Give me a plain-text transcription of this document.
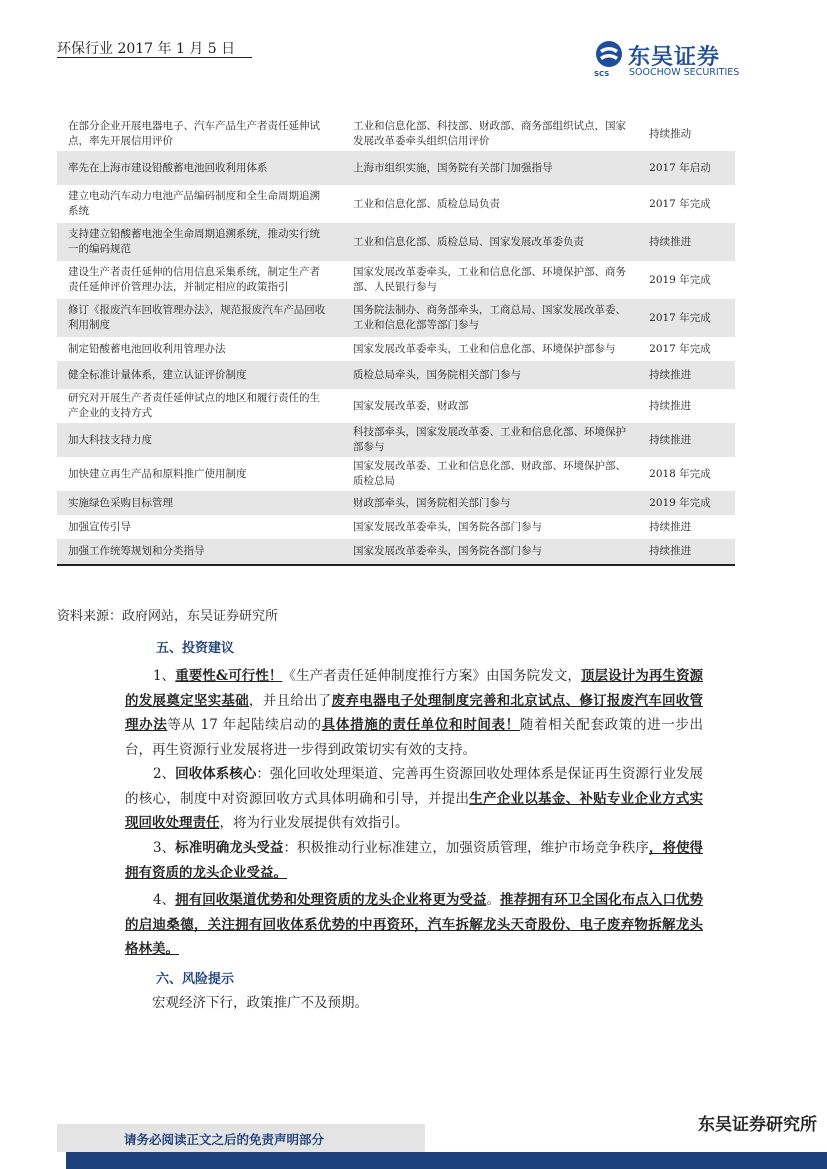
环保行业 2017 年 1 月 5 日	东吴证券
SOOCHOW SECURITIES
SCS
在部分企业开展电器电子、汽车产品生产者责任延伸试点，率先开展信用评价	工业和信息化部、科技部、财政部、商务部组织试点，国家发展改革委牵头组织信用评价	持续推动
率先在上海市建设铅酸蓄电池回收利用体系	上海市组织实施，国务院有关部门加强指导	2017 年启动
建立电动汽车动力电池产品编码制度和全生命周期追溯系统	工业和信息化部、质检总局负责	2017 年完成
支持建立铅酸蓄电池全生命周期追溯系统，推动实行统一的编码规范	工业和信息化部、质检总局、国家发展改革委负责	持续推进
建设生产者责任延伸的信用信息采集系统，制定生产者责任延伸评价管理办法，并制定相应的政策指引	国家发展改革委牵头，工业和信息化部、环境保护部、商务部、人民银行参与	2019 年完成
修订《报废汽车回收管理办法》，规范报废汽车产品回收利用制度	国务院法制办、商务部牵头，工商总局、国家发展改革委、工业和信息化部等部门参与	2017 年完成
制定铅酸蓄电池回收利用管理办法	国家发展改革委牵头，工业和信息化部、环境保护部参与	2017 年完成
健全标准计量体系，建立认证评价制度	质检总局牵头，国务院相关部门参与	持续推进
研究对开展生产者责任延伸试点的地区和履行责任的生产企业的支持方式	国家发展改革委，财政部	持续推进
加大科技支持力度	科技部牵头，国家发展改革委、工业和信息化部、环境保护部参与	持续推进
加快建立再生产品和原料推广使用制度	国家发展改革委、工业和信息化部、财政部、环境保护部、质检总局	2018 年完成
实施绿色采购目标管理	财政部牵头，国务院相关部门参与	2019 年完成
加强宣传引导	国家发展改革委牵头，国务院各部门参与	持续推进
加强工作统筹规划和分类指导	国家发展改革委牵头，国务院各部门参与	持续推进
资料来源：政府网站，东吴证券研究所
五、投资建议
1、重要性&可行性！《生产者责任延伸制度推行方案》由国务院发文，顶层设计为再生资源的发展奠定坚实基础，并且给出了废弃电器电子处理制度完善和北京试点、修订报废汽车回收管理办法等从 17 年起陆续启动的具体措施的责任单位和时间表！随着相关配套政策的进一步出台，再生资源行业发展将进一步得到政策切实有效的支持。
2、回收体系核心：强化回收处理渠道、完善再生资源回收处理体系是保证再生资源行业发展的核心，制度中对资源回收方式具体明确和引导，并提出生产企业以基金、补贴专业企业方式实现回收处理责任，将为行业发展提供有效指引。
3、标准明确龙头受益：积极推动行业标准建立，加强资质管理，维护市场竞争秩序，将使得拥有资质的龙头企业受益。
4、拥有回收渠道优势和处理资质的龙头企业将更为受益。推荐拥有环卫全国化布点入口优势的启迪桑德，关注拥有回收体系优势的中再资环，汽车拆解龙头天奇股份、电子废弃物拆解龙头格林美。
六、风险提示
宏观经济下行，政策推广不及预期。
东吴证券研究所
请务必阅读正文之后的免责声明部分
